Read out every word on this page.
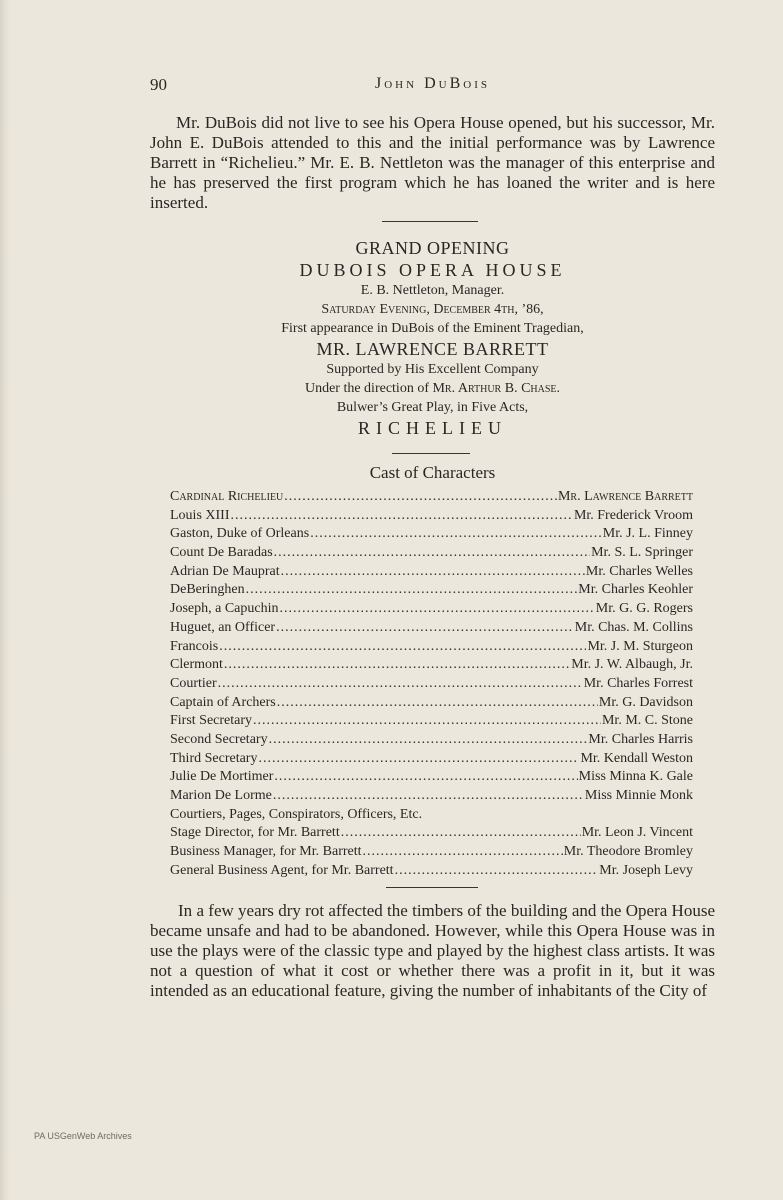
90	John DuBois

Mr. DuBois did not live to see his Opera House opened, but his successor, Mr. John E. DuBois attended to this and the initial performance was by Lawrence Barrett in “Richelieu.” Mr. E. B. Nettleton was the manager of this enterprise and he has preserved the first program which he has loaned the writer and is here inserted.

GRAND OPENING
DUBOIS OPERA HOUSE
E. B. Nettleton, Manager.
Saturday Evening, December 4th, ’86,
First appearance in DuBois of the Eminent Tragedian,
MR. LAWRENCE BARRETT
Supported by His Excellent Company
Under the direction of Mr. Arthur B. Chase.
Bulwer’s Great Play, in Five Acts,
RICHELIEU
Cast of Characters
Cardinal Richelieu .....	Mr. Lawrence Barrett
Louis XIII .....	Mr. Frederick Vroom
Gaston, Duke of Orleans .....	Mr. J. L. Finney
Count De Baradas .....	Mr. S. L. Springer
Adrian De Mauprat .....	Mr. Charles Welles
DeBeringhen .....	Mr. Charles Keohler
Joseph, a Capuchin .....	Mr. G. G. Rogers
Huguet, an Officer .....	Mr. Chas. M. Collins
Francois .....	Mr. J. M. Sturgeon
Clermont .....	Mr. J. W. Albaugh, Jr.
Courtier .....	Mr. Charles Forrest
Captain of Archers .....	Mr. G. Davidson
First Secretary .....	Mr. M. C. Stone
Second Secretary .....	Mr. Charles Harris
Third Secretary .....	Mr. Kendall Weston
Julie De Mortimer .....	Miss Minna K. Gale
Marion De Lorme .....	Miss Minnie Monk
Courtiers, Pages, Conspirators, Officers, Etc.
Stage Director, for Mr. Barrett .....	Mr. Leon J. Vincent
Business Manager, for Mr. Barrett .....	Mr. Theodore Bromley
General Business Agent, for Mr. Barrett .....	Mr. Joseph Levy

In a few years dry rot affected the timbers of the building and the Opera House became unsafe and had to be abandoned. However, while this Opera House was in use the plays were of the classic type and played by the highest class artists. It was not a question of what it cost or whether there was a profit in it, but it was intended as an educational feature, giving the number of inhabitants of the City of

PA USGenWeb Archives
